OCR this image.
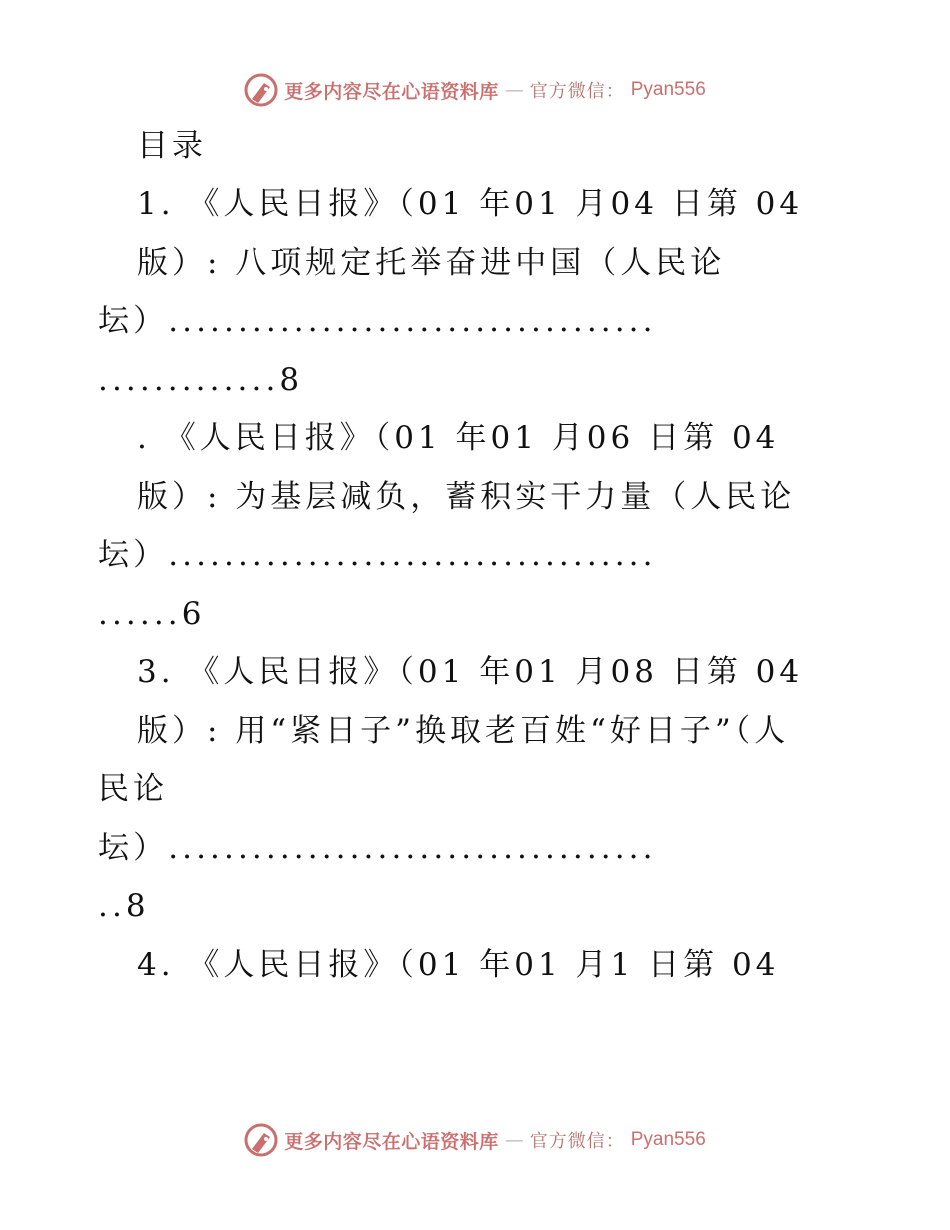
更多内容尽在心语资料库 — 官方微信： Pyan556
目录
1. 《人民日报》（01 年01 月04 日第 04
版）: 八项规定托举奋进中国（人民论
坛）...................................
.............8
. 《人民日报》（01 年01 月06 日第 04
版）: 为基层减负，蓄积实干力量（人民论
坛）...................................
......6
3. 《人民日报》（01 年01 月08 日第 04
版）: 用“紧日子”换取老百姓“好日子”（人
民论
坛）...................................
..8
4. 《人民日报》（01 年01 月1 日第 04
更多内容尽在心语资料库 — 官方微信： Pyan556
